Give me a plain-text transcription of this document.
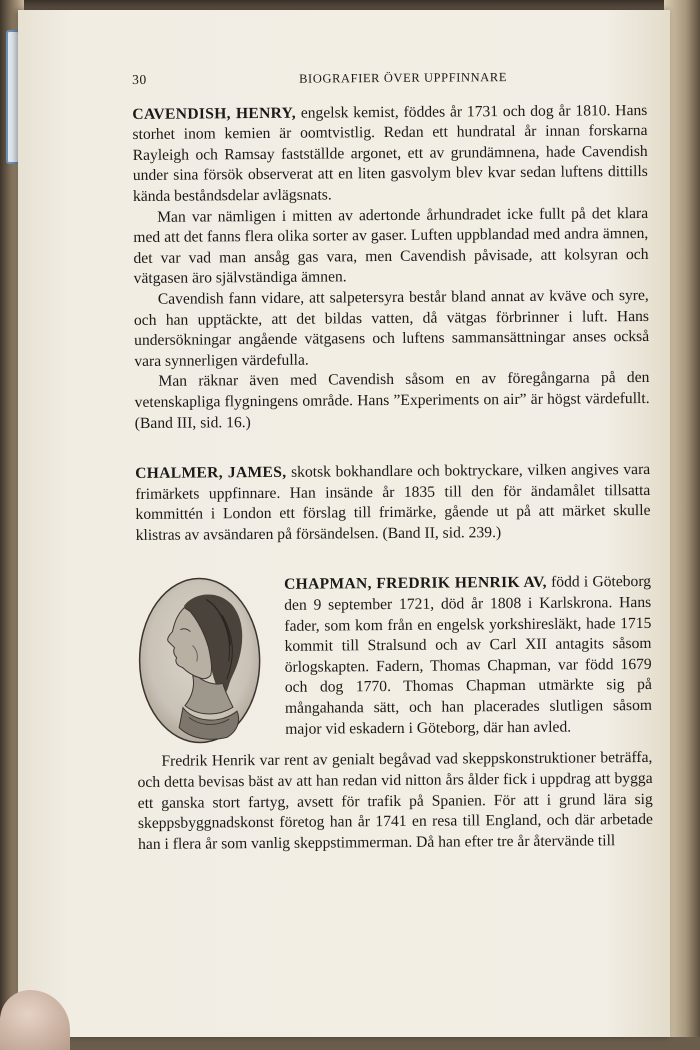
30	BIOGRAFIER ÖVER UPPFINNARE

CAVENDISH, HENRY, engelsk kemist, föddes år 1731 och dog år 1810. Hans storhet inom kemien är oomtvistlig. Redan ett hundratal år innan forskarna Rayleigh och Ramsay fastställde argonet, ett av grundämnena, hade Cavendish under sina försök observerat att en liten gasvolym blev kvar sedan luftens dittills kända beståndsdelar avlägsnats.

Man var nämligen i mitten av adertonde århundradet icke fullt på det klara med att det fanns flera olika sorter av gaser. Luften uppblandad med andra ämnen, det var vad man ansåg gas vara, men Cavendish påvisade, att kolsyran och vätgasen äro självständiga ämnen.

Cavendish fann vidare, att salpetersyra består bland annat av kväve och syre, och han upptäckte, att det bildas vatten, då vätgas förbrinner i luft. Hans undersökningar angående vätgasens och luftens sammansättningar anses också vara synnerligen värdefulla.

Man räknar även med Cavendish såsom en av föregångarna på den vetenskapliga flygningens område. Hans ”Experiments on air” är högst värdefullt. (Band III, sid. 16.)

CHALMER, JAMES, skotsk bokhandlare och boktryckare, vilken angives vara frimärkets uppfinnare. Han insände år 1835 till den för ändamålet tillsatta kommittén i London ett förslag till frimärke, gående ut på att märket skulle klistras av avsändaren på försändelsen. (Band II, sid. 239.)

CHAPMAN, FREDRIK HENRIK AV, född i Göteborg den 9 september 1721, död år 1808 i Karlskrona. Hans fader, som kom från en engelsk yorkshiresläkt, hade 1715 kommit till Stralsund och av Carl XII antagits såsom örlogskapten. Fadern, Thomas Chapman, var född 1679 och dog 1770. Thomas Chapman utmärkte sig på mångahanda sätt, och han placerades slutligen såsom major vid eskadern i Göteborg, där han avled.

Fredrik Henrik var rent av genialt begåvad vad skeppskonstruktioner beträffa, och detta bevisas bäst av att han redan vid nitton års ålder fick i uppdrag att bygga ett ganska stort fartyg, avsett för trafik på Spanien. För att i grund lära sig skeppsbyggnadskonst företog han år 1741 en resa till England, och där arbetade han i flera år som vanlig skeppstimmerman. Då han efter tre år återvände till
